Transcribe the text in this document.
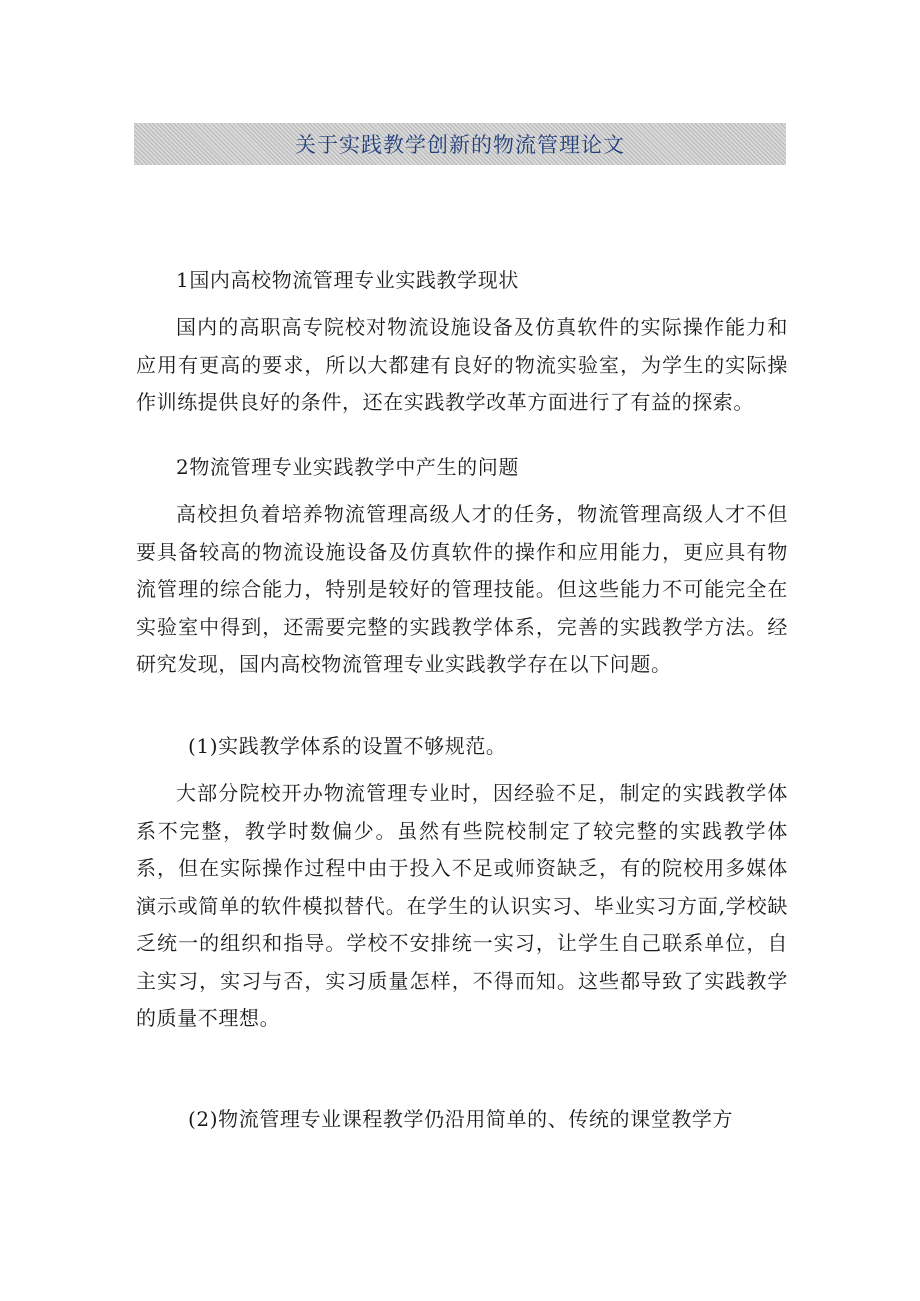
关于实践教学创新的物流管理论文

1国内高校物流管理专业实践教学现状

国内的高职高专院校对物流设施设备及仿真软件的实际操作能力和应用有更高的要求，所以大都建有良好的物流实验室，为学生的实际操作训练提供良好的条件，还在实践教学改革方面进行了有益的探索。

2物流管理专业实践教学中产生的问题

高校担负着培养物流管理高级人才的任务，物流管理高级人才不但要具备较高的物流设施设备及仿真软件的操作和应用能力，更应具有物流管理的综合能力，特别是较好的管理技能。但这些能力不可能完全在实验室中得到，还需要完整的实践教学体系，完善的实践教学方法。经研究发现，国内高校物流管理专业实践教学存在以下问题。

(1)实践教学体系的设置不够规范。

大部分院校开办物流管理专业时，因经验不足，制定的实践教学体系不完整，教学时数偏少。虽然有些院校制定了较完整的实践教学体系，但在实际操作过程中由于投入不足或师资缺乏，有的院校用多媒体演示或简单的软件模拟替代。在学生的认识实习、毕业实习方面,学校缺乏统一的组织和指导。学校不安排统一实习，让学生自己联系单位，自主实习，实习与否，实习质量怎样，不得而知。这些都导致了实践教学的质量不理想。

(2)物流管理专业课程教学仍沿用简单的、传统的课堂教学方
